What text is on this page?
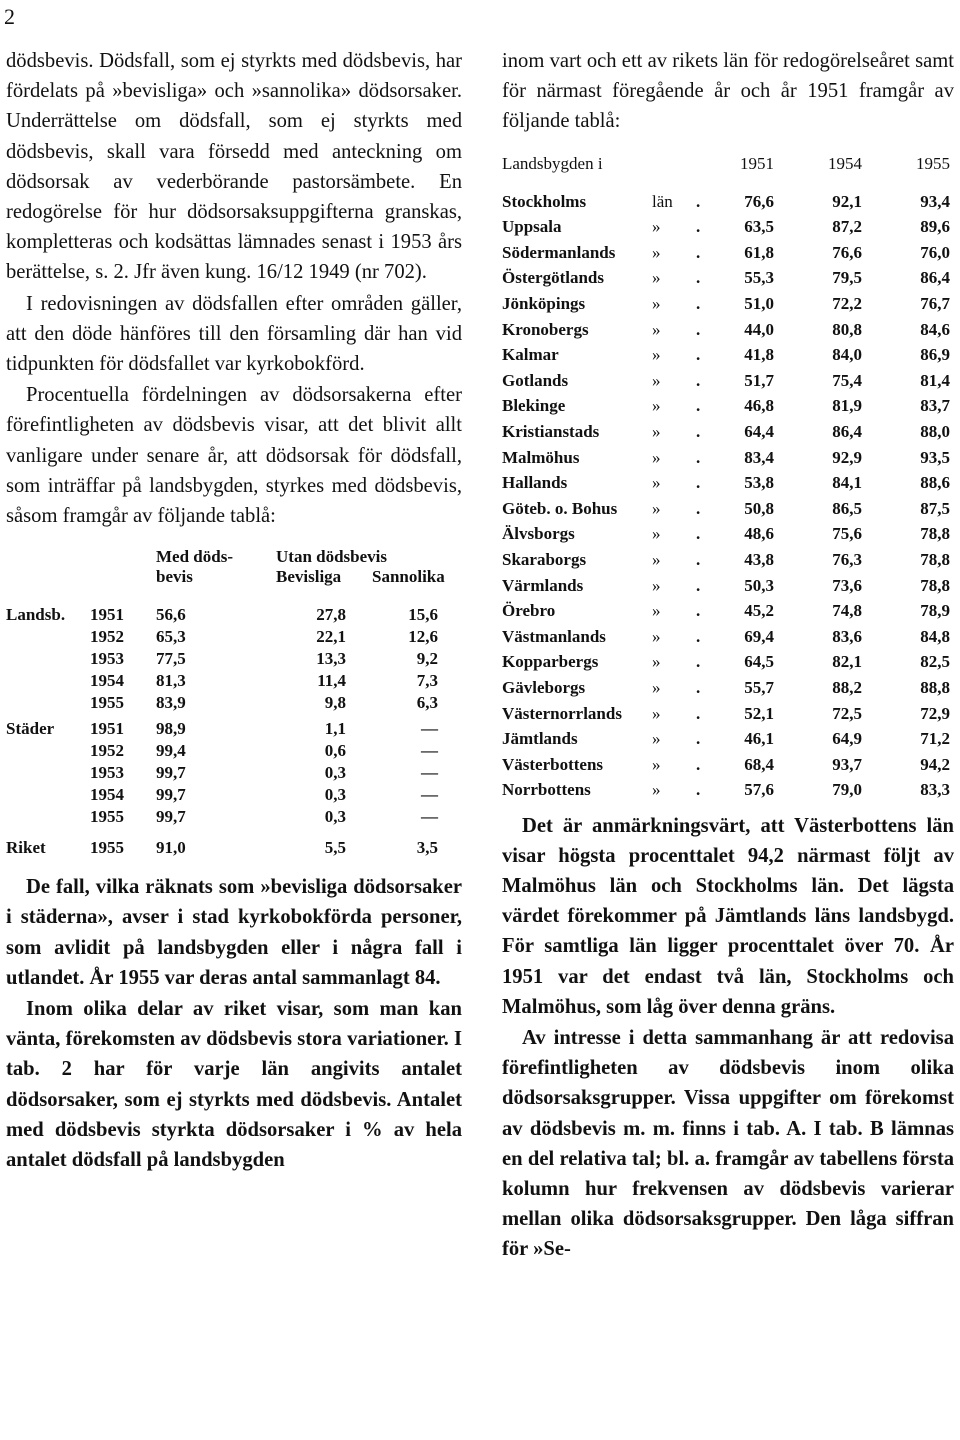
2

dödsbevis. Dödsfall, som ej styrkts med dödsbevis, har fördelats på »bevisliga» och »sannolika» dödsorsaker. Underrättelse om dödsfall, som ej styrkts med dödsbevis, skall vara försedd med anteckning om dödsorsak av vederbörande pastorsämbete. En redogörelse för hur dödsorsaksuppgifterna granskas, kompletteras och kodsättas lämnades senast i 1953 års berättelse, s. 2. Jfr även kung. 16/12 1949 (nr 702).

I redovisningen av dödsfallen efter områden gäller, att den döde hänföres till den församling där han vid tidpunkten för dödsfallet var kyrkobokförd.

Procentuella fördelningen av dödsorsakerna efter förefintligheten av dödsbevis visar, att det blivit allt vanligare under senare år, att dödsorsak för dödsfall, som inträffar på landsbygden, styrkes med dödsbevis, såsom framgår av följande tablå:

Med döds-
bevis
Utan dödsbevis
Bevisliga Sannolika
Landsb. 1951 56,6	27,8	15,6
1952 65,3	22,1	12,6
1953 77,5	13,3	9,2
1954 81,3	11,4	7,3
1955 83,9	9,8	6,3
Städer 1951 98,9	1,1	—
1952 99,4	0,6	—
1953 99,7	0,3	—
1954 99,7	0,3	—
1955 99,7	0,3	—
Riket	1955 91,0	5,5	3,5

De fall, vilka räknats som »bevisliga dödsorsaker i städerna», avser i stad kyrkobokförda personer, som avlidit på landsbygden eller i några fall i utlandet. År 1955 var deras antal sammanlagt 84.

Inom olika delar av riket visar, som man kan vänta, förekomsten av dödsbevis stora variationer. I tab. 2 har för varje län angivits antalet dödsorsaker, som ej styrkts med dödsbevis. Antalet med dödsbevis styrkta dödsorsaker i % av hela antalet dödsfall på landsbygden

inom vart och ett av rikets län för redogörelseåret samt för närmast föregående år och år 1951 framgår av följande tablå:

Landsbygden i	1951	1954	1955
Stockholms	län .	76,6	92,1	93,4
Uppsala	» .	63,5	87,2	89,6
Södermanlands » .	61,8	76,6	76,0
Östergötlands	» .	55,3	79,5	86,4
Jönköpings	» .	51,0	72,2	76,7
Kronobergs	» .	44,0	80,8	84,6
Kalmar	» .	41,8	84,0	86,9
Gotlands	» .	51,7	75,4	81,4
Blekinge	» .	46,8	81,9	83,7
Kristianstads	» .	64,4	86,4	88,0
Malmöhus	» .	83,4	92,9	93,5
Hallands	» .	53,8	84,1	88,6
Göteb. o. Bohus » .	50,8	86,5	87,5
Älvsborgs	» .	48,6	75,6	78,8
Skaraborgs	» .	43,8	76,3	78,8
Värmlands	» .	50,3	73,6	78,8
Örebro	» .	45,2	74,8	78,9
Västmanlands	» .	69,4	83,6	84,8
Kopparbergs	» .	64,5	82,1	82,5
Gävleborgs	» .	55,7	88,2	88,8
Västernorrlands » .	52,1	72,5	72,9
Jämtlands	» .	46,1	64,9	71,2
Västerbottens	» .	68,4	93,7	94,2
Norrbottens	» .	57,6	79,0	83,3

Det är anmärkningsvärt, att Västerbottens län visar högsta procenttalet 94,2 närmast följt av Malmöhus län och Stockholms län. Det lägsta värdet förekommer på Jämtlands läns landsbygd. För samtliga län ligger procenttalet över 70. År 1951 var det endast två län, Stockholms och Malmöhus, som låg över denna gräns.

Av intresse i detta sammanhang är att redovisa förefintligheten av dödsbevis inom olika dödsorsaksgrupper. Vissa uppgifter om förekomst av dödsbevis m. m. finns i tab. A. I tab. B lämnas en del relativa tal; bl. a. framgår av tabellens första kolumn hur frekvensen av dödsbevis varierar mellan olika dödsorsaksgrupper. Den låga siffran för »Se-
